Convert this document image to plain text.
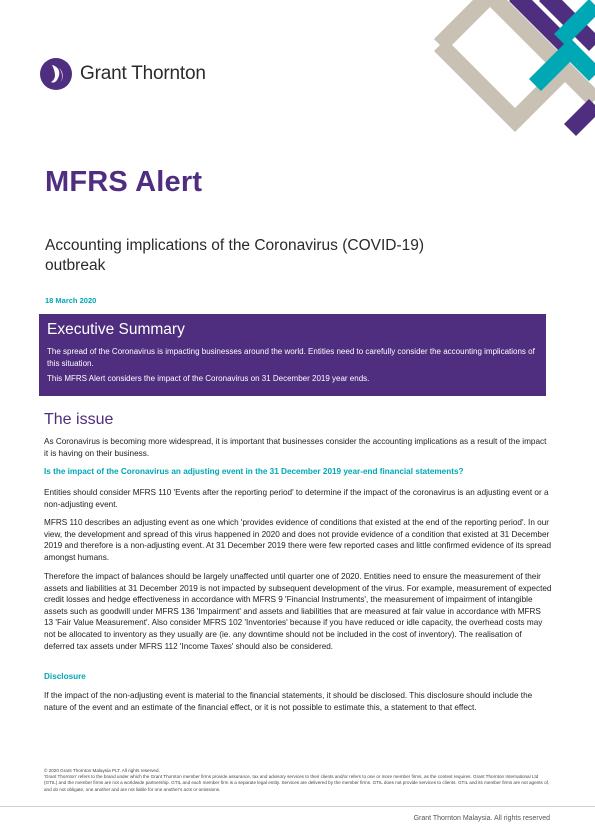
Grant Thornton
MFRS Alert
Accounting implications of the Coronavirus (COVID-19) outbreak
18 March 2020
Executive Summary

The spread of the Coronavirus is impacting businesses around the world. Entities need to carefully consider the accounting implications of this situation.

This MFRS Alert considers the impact of the Coronavirus on 31 December 2019 year ends.

The issue
As Coronavirus is becoming more widespread, it is important that businesses consider the accounting implications as a result of the impact it is having on their business.
Is the impact of the Coronavirus an adjusting event in the 31 December 2019 year-end financial statements?
Entities should consider MFRS 110 'Events after the reporting period' to determine if the impact of the coronavirus is an adjusting event or a non-adjusting event.
MFRS 110 describes an adjusting event as one which 'provides evidence of conditions that existed at the end of the reporting period'. In our view, the development and spread of this virus happened in 2020 and does not provide evidence of a condition that existed at 31 December 2019 and therefore is a non-adjusting event. At 31 December 2019 there were few reported cases and little confirmed evidence of its spread amongst humans.
Therefore the impact of balances should be largely unaffected until quarter one of 2020. Entities need to ensure the measurement of their assets and liabilities at 31 December 2019 is not impacted by subsequent development of the virus. For example, measurement of expected credit losses and hedge effectiveness in accordance with MFRS 9 'Financial Instruments', the measurement of impairment of intangible assets such as goodwill under MFRS 136 'Impairment' and assets and liabilities that are measured at fair value in accordance with MFRS 13 'Fair Value Measurement'. Also consider MFRS 102 'Inventories' because if you have reduced or idle capacity, the overhead costs may not be allocated to inventory as they usually are (ie. any downtime should not be included in the cost of inventory). The realisation of deferred tax assets under MFRS 112 'Income Taxes' should also be considered.
Disclosure
If the impact of the non-adjusting event is material to the financial statements, it should be disclosed. This disclosure should include the nature of the event and an estimate of the financial effect, or it is not possible to estimate this, a statement to that effect.
© 2020 Grant Thornton Malaysia PLT. All rights reserved.
'Grant Thornton' refers to the brand under which the Grant Thornton member firms provide assurance, tax and advisory services to their clients and/or refers to one or more member firms, as the context requires. Grant Thornton International Ltd (GTIL) and the member firms are not a worldwide partnership. GTIL and each member firm is a separate legal entity. Services are delivered by the member firms. GTIL does not provide services to clients. GTIL and its member firms are not agents of, and do not obligate, one another and are not liable for one another's acts or omissions.
Grant Thornton Malaysia. All rights reserved
